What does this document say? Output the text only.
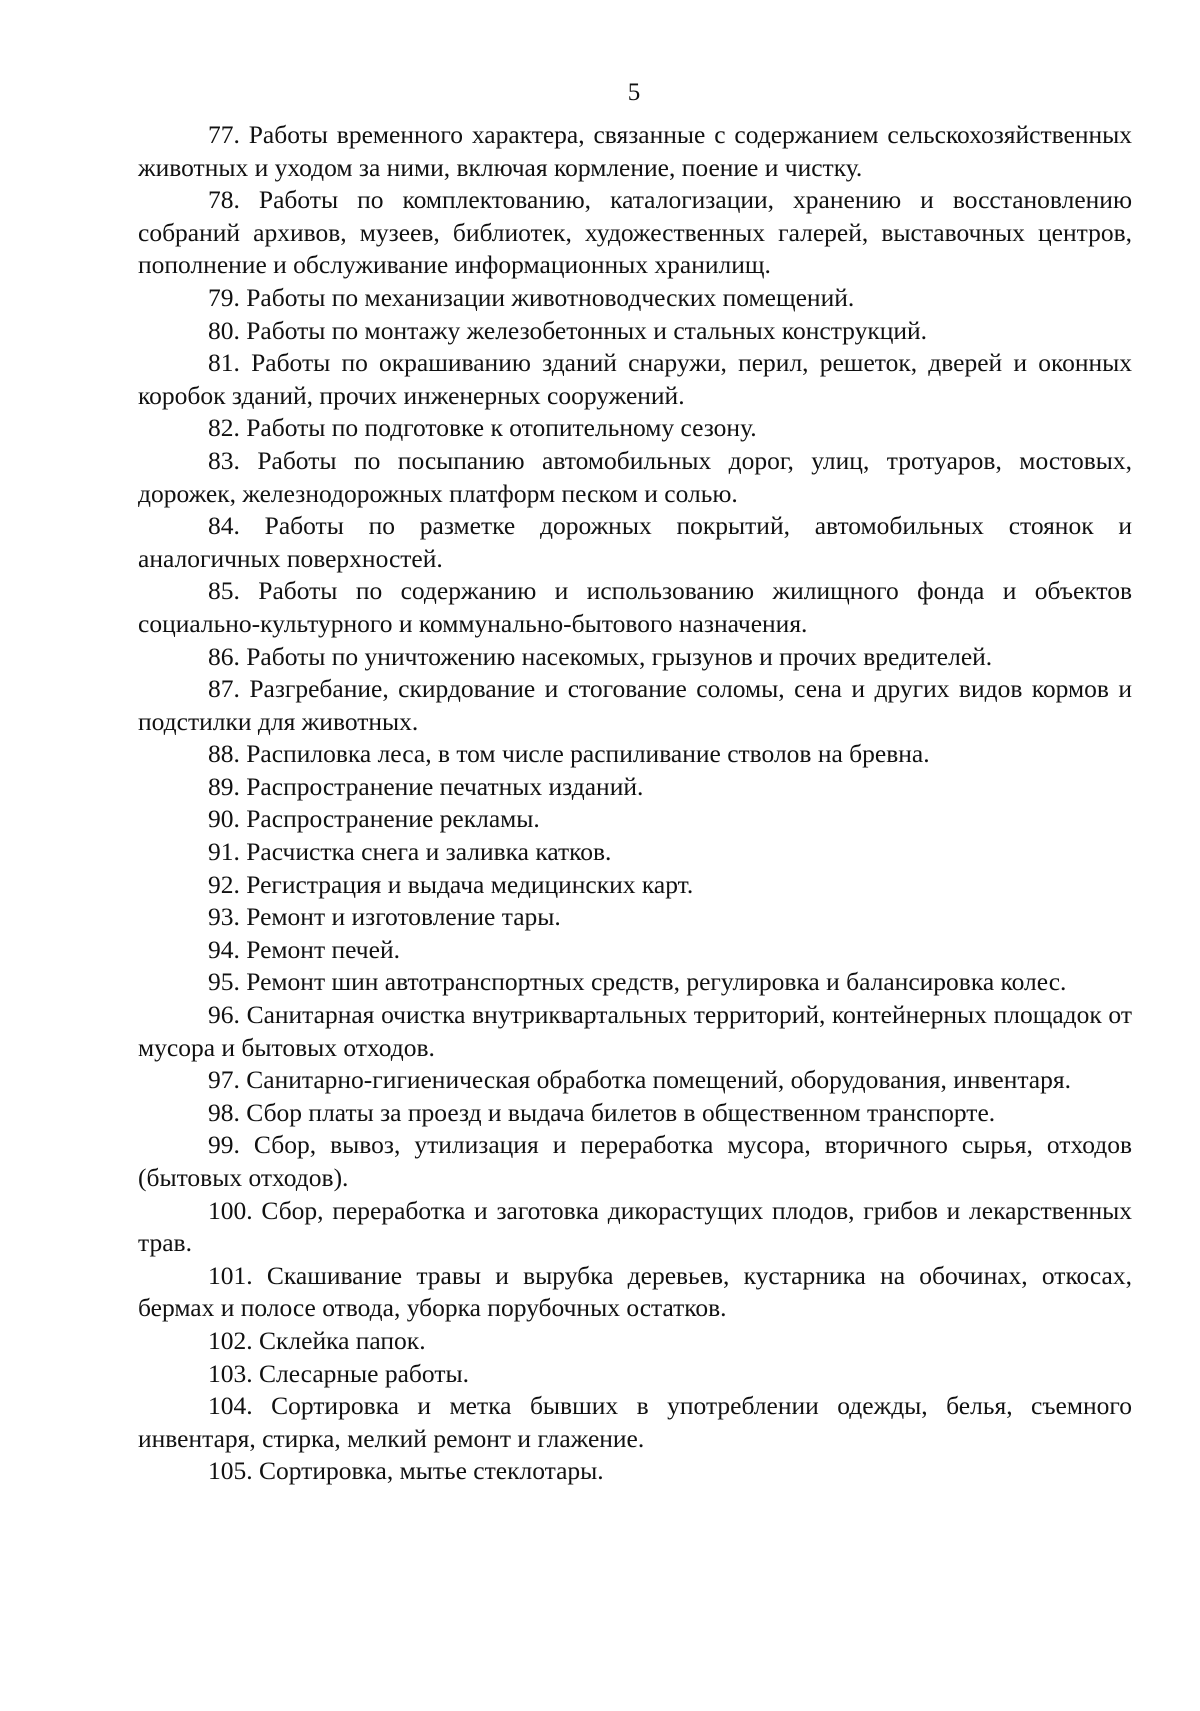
5

77. Работы временного характера, связанные с содержанием сельскохозяйственных животных и уходом за ними, включая кормление, поение и чистку.

78. Работы по комплектованию, каталогизации, хранению и восстановлению собраний архивов, музеев, библиотек, художественных галерей, выставочных центров, пополнение и обслуживание информационных хранилищ.

79. Работы по механизации животноводческих помещений.

80. Работы по монтажу железобетонных и стальных конструкций.

81. Работы по окрашиванию зданий снаружи, перил, решеток, дверей и оконных коробок зданий, прочих инженерных сооружений.

82. Работы по подготовке к отопительному сезону.

83. Работы по посыпанию автомобильных дорог, улиц, тротуаров, мостовых, дорожек, железнодорожных платформ песком и солью.

84. Работы по разметке дорожных покрытий, автомобильных стоянок и аналогичных поверхностей.

85. Работы по содержанию и использованию жилищного фонда и объектов социально-культурного и коммунально-бытового назначения.

86. Работы по уничтожению насекомых, грызунов и прочих вредителей.

87. Разгребание, скирдование и стогование соломы, сена и других видов кормов и подстилки для животных.

88. Распиловка леса, в том числе распиливание стволов на бревна.

89. Распространение печатных изданий.

90. Распространение рекламы.

91. Расчистка снега и заливка катков.

92. Регистрация и выдача медицинских карт.

93. Ремонт и изготовление тары.

94. Ремонт печей.

95. Ремонт шин автотранспортных средств, регулировка и балансировка колес.

96. Санитарная очистка внутриквартальных территорий, контейнерных площадок от мусора и бытовых отходов.

97. Санитарно-гигиеническая обработка помещений, оборудования, инвентаря.

98. Сбор платы за проезд и выдача билетов в общественном транспорте.

99. Сбор, вывоз, утилизация и переработка мусора, вторичного сырья, отходов (бытовых отходов).

100. Сбор, переработка и заготовка дикорастущих плодов, грибов и лекарственных трав.

101. Скашивание травы и вырубка деревьев, кустарника на обочинах, откосах, бермах и полосе отвода, уборка порубочных остатков.

102. Склейка папок.

103. Слесарные работы.

104. Сортировка и метка бывших в употреблении одежды, белья, съемного инвентаря, стирка, мелкий ремонт и глажение.

105. Сортировка, мытье стеклотары.
